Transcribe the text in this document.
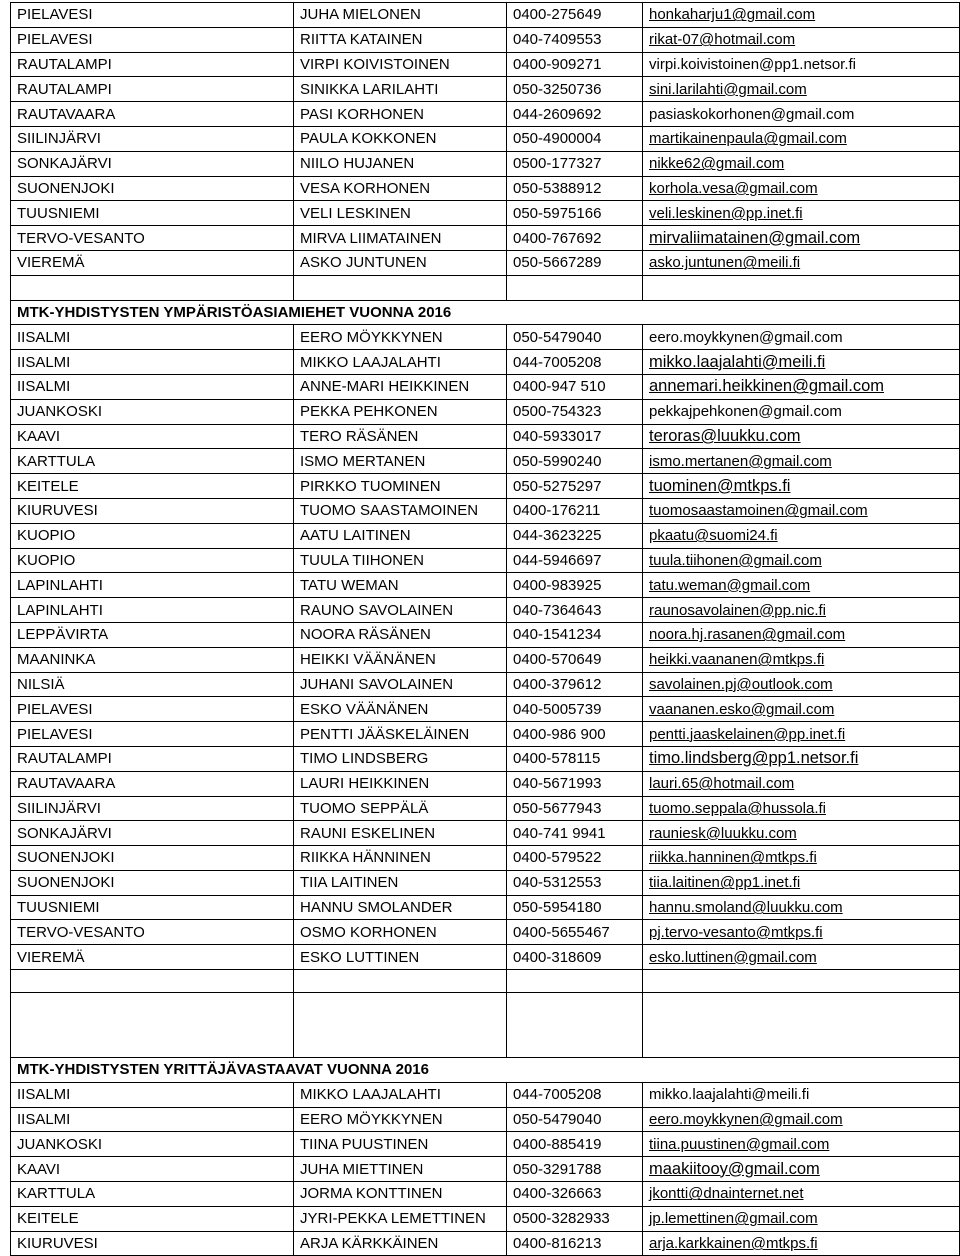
PIELAVESI	JUHA MIELONEN	0400-275649	honkaharju1@gmail.com
PIELAVESI	RIITTA KATAINEN	040-7409553	rikat-07@hotmail.com
RAUTALAMPI	VIRPI KOIVISTOINEN	0400-909271	virpi.koivistoinen@pp1.netsor.fi
RAUTALAMPI	SINIKKA LARILAHTI	050-3250736	sini.larilahti@gmail.com
RAUTAVAARA	PASI KORHONEN	044-2609692	pasiaskokorhonen@gmail.com
SIILINJÄRVI	PAULA KOKKONEN	050-4900004	martikainenpaula@gmail.com
SONKAJÄRVI	NIILO HUJANEN	0500-177327	nikke62@gmail.com
SUONENJOKI	VESA KORHONEN	050-5388912	korhola.vesa@gmail.com
TUUSNIEMI	VELI LESKINEN	050-5975166	veli.leskinen@pp.inet.fi
TERVO-VESANTO	MIRVA LIIMATAINEN	0400-767692	mirvaliimatainen@gmail.com
VIEREMÄ	ASKO JUNTUNEN	050-5667289	asko.juntunen@meili.fi

MTK-YHDISTYSTEN YMPÄRISTÖASIAMIEHET VUONNA 2016			
IISALMI	EERO MÖYKKYNEN	050-5479040	eero.moykkynen@gmail.com
IISALMI	MIKKO LAAJALAHTI	044-7005208	mikko.laajalahti@meili.fi
IISALMI	ANNE-MARI HEIKKINEN	0400-947 510	annemari.heikkinen@gmail.com
JUANKOSKI	PEKKA PEHKONEN	0500-754323	pekkajpehkonen@gmail.com
KAAVI	TERO RÄSÄNEN	040-5933017	teroras@luukku.com
KARTTULA	ISMO MERTANEN	050-5990240	ismo.mertanen@gmail.com
KEITELE	PIRKKO TUOMINEN	050-5275297	tuominen@mtkps.fi
KIURUVESI	TUOMO SAASTAMOINEN	0400-176211	tuomosaastamoinen@gmail.com
KUOPIO	AATU LAITINEN	044-3623225	pkaatu@suomi24.fi
KUOPIO	TUULA TIIHONEN	044-5946697	tuula.tiihonen@gmail.com
LAPINLAHTI	TATU WEMAN	0400-983925	tatu.weman@gmail.com
LAPINLAHTI	RAUNO SAVOLAINEN	040-7364643	raunosavolainen@pp.nic.fi
LEPPÄVIRTA	NOORA RÄSÄNEN	040-1541234	noora.hj.rasanen@gmail.com
MAANINKA	HEIKKI VÄÄNÄNEN	0400-570649	heikki.vaananen@mtkps.fi
NILSIÄ	JUHANI SAVOLAINEN	0400-379612	savolainen.pj@outlook.com
PIELAVESI	ESKO VÄÄNÄNEN	040-5005739	vaananen.esko@gmail.com
PIELAVESI	PENTTI JÄÄSKELÄINEN	0400-986 900	pentti.jaaskelainen@pp.inet.fi
RAUTALAMPI	TIMO LINDSBERG	0400-578115	timo.lindsberg@pp1.netsor.fi
RAUTAVAARA	LAURI HEIKKINEN	040-5671993	lauri.65@hotmail.com
SIILINJÄRVI	TUOMO SEPPÄLÄ	050-5677943	tuomo.seppala@hussola.fi
SONKAJÄRVI	RAUNI ESKELINEN	040-741 9941	rauniesk@luukku.com
SUONENJOKI	RIIKKA HÄNNINEN	0400-579522	riikka.hanninen@mtkps.fi
SUONENJOKI	TIIA LAITINEN	040-5312553	tiia.laitinen@pp1.inet.fi
TUUSNIEMI	HANNU SMOLANDER	050-5954180	hannu.smoland@luukku.com
TERVO-VESANTO	OSMO KORHONEN	0400-5655467	pj.tervo-vesanto@mtkps.fi
VIEREMÄ	ESKO LUTTINEN	0400-318609	esko.luttinen@gmail.com

MTK-YHDISTYSTEN YRITTÄJÄVASTAAVAT VUONNA 2016			
IISALMI	MIKKO LAAJALAHTI	044-7005208	mikko.laajalahti@meili.fi
IISALMI	EERO MÖYKKYNEN	050-5479040	eero.moykkynen@gmail.com
JUANKOSKI	TIINA PUUSTINEN	0400-885419	tiina.puustinen@gmail.com
KAAVI	JUHA MIETTINEN	050-3291788	maakiitooy@gmail.com
KARTTULA	JORMA KONTTINEN	0400-326663	jkontti@dnainternet.net
KEITELE	JYRI-PEKKA LEMETTINEN	0500-3282933	jp.lemettinen@gmail.com
KIURUVESI	ARJA KÄRKKÄINEN	0400-816213	arja.karkkainen@mtkps.fi
